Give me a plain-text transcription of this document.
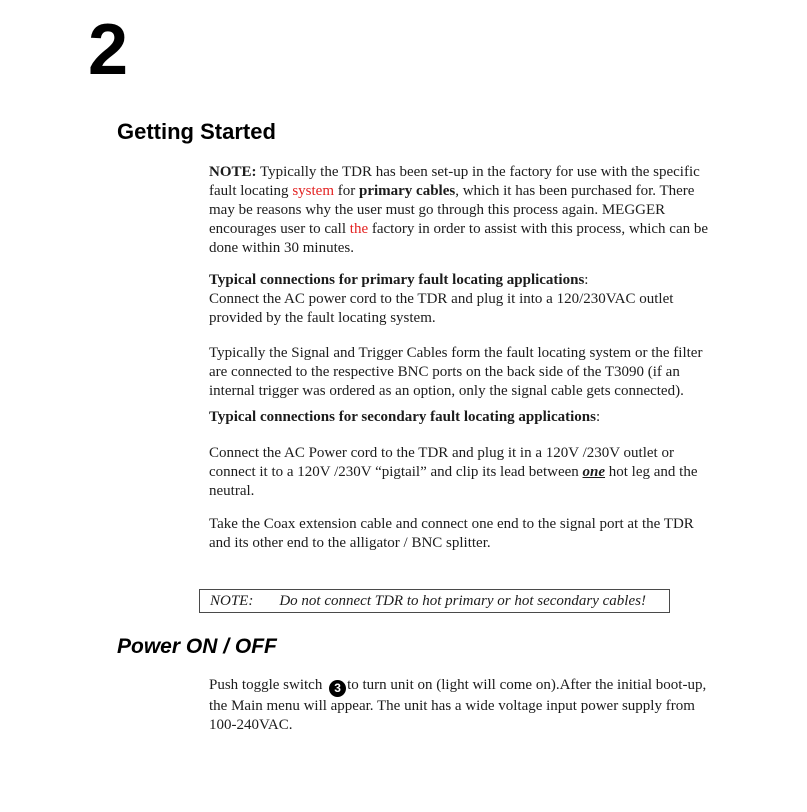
2
Getting Started

NOTE: Typically the TDR has been set-up in the factory for use with the specific fault locating system for primary cables, which it has been purchased for. There may be reasons why the user must go through this process again. MEGGER encourages user to call the factory in order to assist with this process, which can be done within 30 minutes.

Typical connections for primary fault locating applications:

Connect the AC power cord to the TDR and plug it into a 120/230VAC outlet provided by the fault locating system.

Typically the Signal and Trigger Cables form the fault locating system or the filter are connected to the respective BNC ports on the back side of the T3090 (if an internal trigger was ordered as an option, only the signal cable gets connected).

Typical connections for secondary fault locating applications:

Connect the AC Power cord to the TDR and plug it in a 120V /230V outlet or connect it to a 120V /230V “pigtail” and clip its lead between one hot leg and the neutral.

Take the Coax extension cable and connect one end to the signal port at the TDR and its other end to the alligator / BNC splitter.

NOTE: Do not connect TDR to hot primary or hot secondary cables!
Power ON / OFF

Push toggle switch 3 to turn unit on (light will come on).After the initial boot-up, the Main menu will appear. The unit has a wide voltage input power supply from 100-240VAC.
